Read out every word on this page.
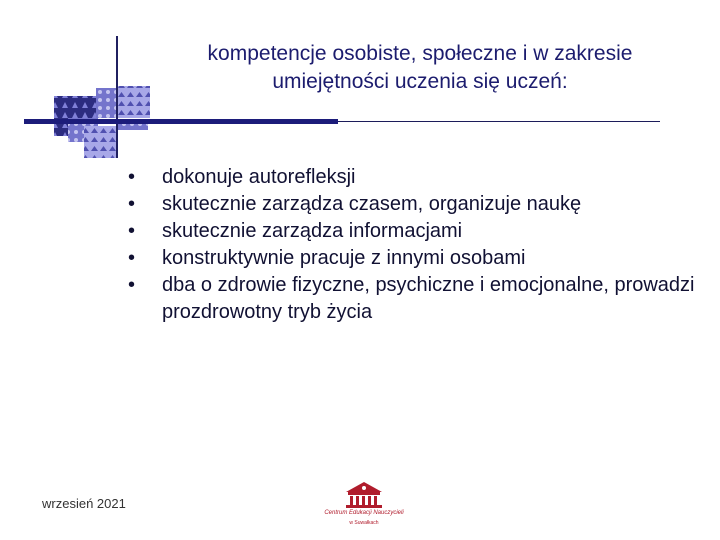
kompetencje osobiste, społeczne i w zakresie
umiejętności uczenia się uczeń:
• dokonuje autorefleksji
• skutecznie zarządza czasem, organizuje naukę
• skutecznie zarządza informacjami
• konstruktywnie pracuje z innymi osobami
• dba o zdrowie fizyczne, psychiczne i emocjonalne, prowadzi prozdrowotny tryb życia
wrzesień 2021
Centrum Edukacji Nauczycieli
w Suwałkach
